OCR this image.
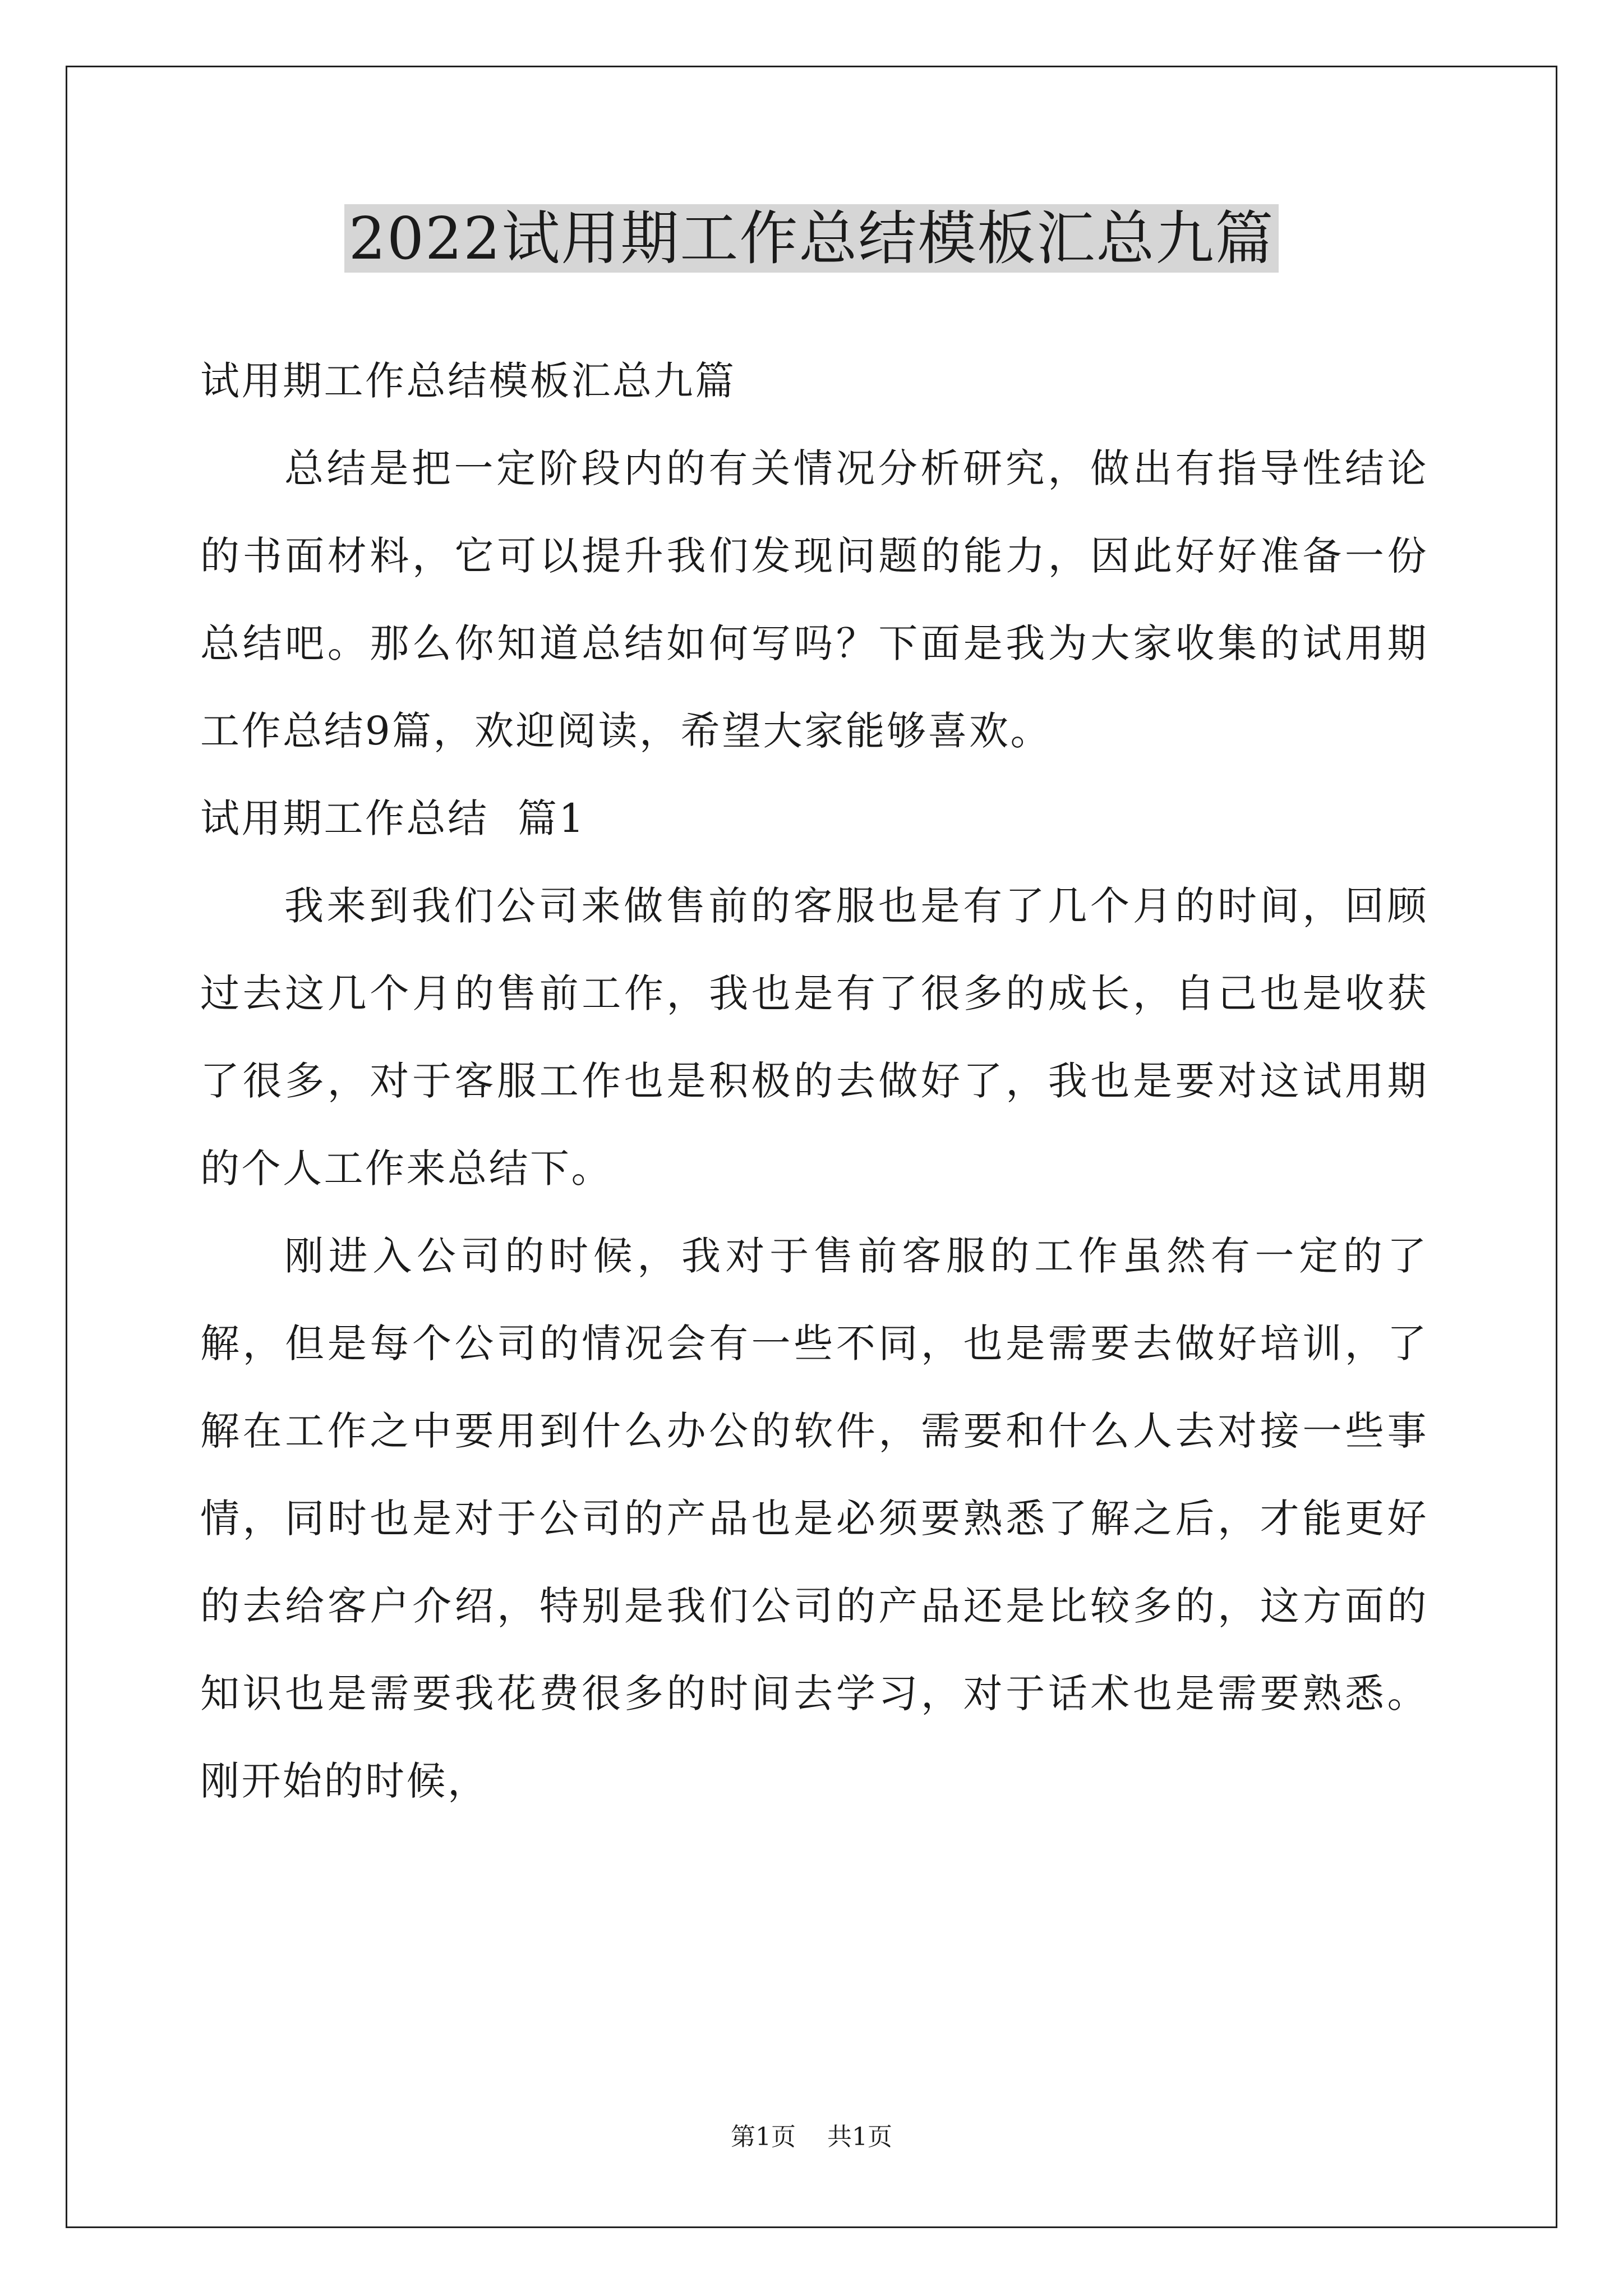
2022试用期工作总结模板汇总九篇

试用期工作总结模板汇总九篇

总结是把一定阶段内的有关情况分析研究，做出有指导性结论的书面材料，它可以提升我们发现问题的能力，因此好好准备一份总结吧。那么你知道总结如何写吗？下面是我为大家收集的试用期工作总结9篇，欢迎阅读，希望大家能够喜欢。

试用期工作总结  篇1

我来到我们公司来做售前的客服也是有了几个月的时间，回顾过去这几个月的售前工作，我也是有了很多的成长，自己也是收获了很多，对于客服工作也是积极的去做好了，我也是要对这试用期的个人工作来总结下。

刚进入公司的时候，我对于售前客服的工作虽然有一定的了解，但是每个公司的情况会有一些不同，也是需要去做好培训，了解在工作之中要用到什么办公的软件，需要和什么人去对接一些事情，同时也是对于公司的产品也是必须要熟悉了解之后，才能更好的去给客户介绍，特别是我们公司的产品还是比较多的，这方面的知识也是需要我花费很多的时间去学习，对于话术也是需要熟悉。刚开始的时候，

第1页    共1页
